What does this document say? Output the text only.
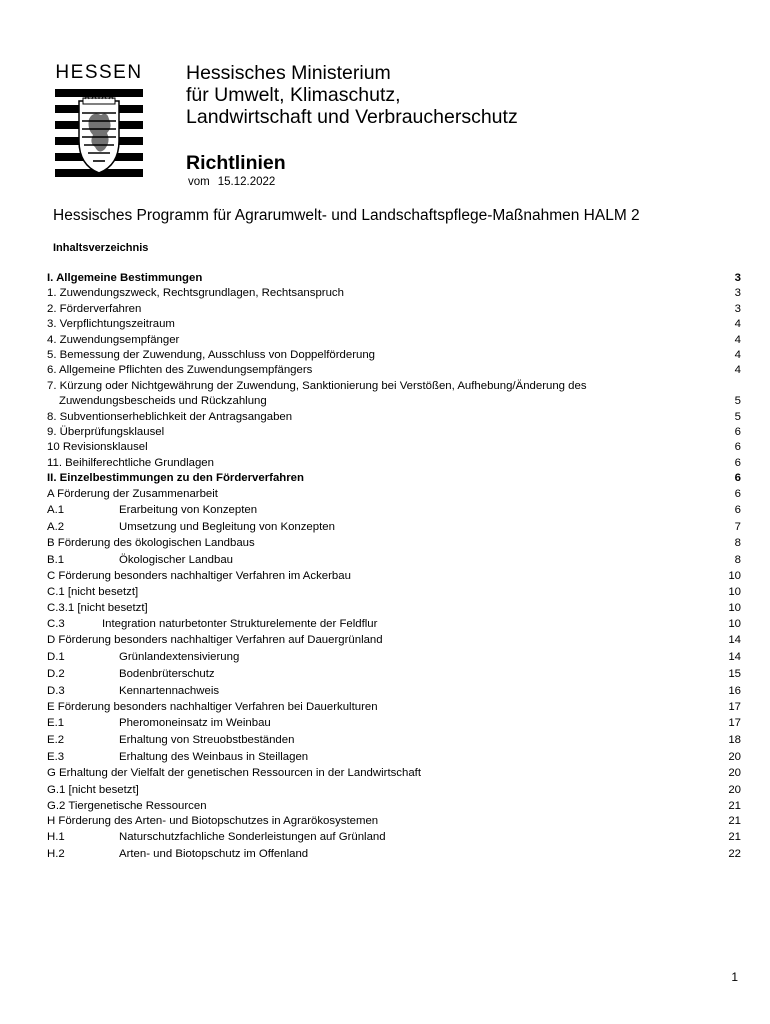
HESSEN Hessisches Ministerium
für Umwelt, Klimaschutz,
Landwirtschaft und Verbraucherschutz
Richtlinien
vom 15.12.2022
Hessisches Programm für Agrarumwelt- und Landschaftspflege-Maßnahmen HALM 2
Inhaltsverzeichnis
I. Allgemeine Bestimmungen	3
1. Zuwendungszweck, Rechtsgrundlagen, Rechtsanspruch	3
2. Förderverfahren	3
3. Verpflichtungszeitraum	4
4. Zuwendungsempfänger	4
5. Bemessung der Zuwendung, Ausschluss von Doppelförderung	4
6. Allgemeine Pflichten des Zuwendungsempfängers	4
7. Kürzung oder Nichtgewährung der Zuwendung, Sanktionierung bei Verstößen, Aufhebung/Änderung des
Zuwendungsbescheids und Rückzahlung	5
8. Subventionserheblichkeit der Antragsangaben	5
9. Überprüfungsklausel	6
10 Revisionsklausel	6
11. Beihilferechtliche Grundlagen	6
II. Einzelbestimmungen zu den Förderverfahren	6
A Förderung der Zusammenarbeit	6
A.1	Erarbeitung von Konzepten	6
A.2	Umsetzung und Begleitung von Konzepten	7
B Förderung des ökologischen Landbaus	8
B.1	Ökologischer Landbau	8
C Förderung besonders nachhaltiger Verfahren im Ackerbau	10
C.1 [nicht besetzt]	10
C.3.1 [nicht besetzt]	10
C.3	Integration naturbetonter Strukturelemente der Feldflur	10
D Förderung besonders nachhaltiger Verfahren auf Dauergrünland	14
D.1	Grünlandextensivierung	14
D.2	Bodenbrüterschutz	15
D.3	Kennartennachweis	16
E Förderung besonders nachhaltiger Verfahren bei Dauerkulturen	17
E.1	Pheromoneinsatz im Weinbau	17
E.2	Erhaltung von Streuobstbeständen	18
E.3	Erhaltung des Weinbaus in Steillagen	20
G Erhaltung der Vielfalt der genetischen Ressourcen in der Landwirtschaft	20
G.1 [nicht besetzt]	20
G.2 Tiergenetische Ressourcen	21
H Förderung des Arten- und Biotopschutzes in Agrarökosystemen	21
H.1	Naturschutzfachliche Sonderleistungen auf Grünland	21
H.2	Arten- und Biotopschutz im Offenland	22
1
